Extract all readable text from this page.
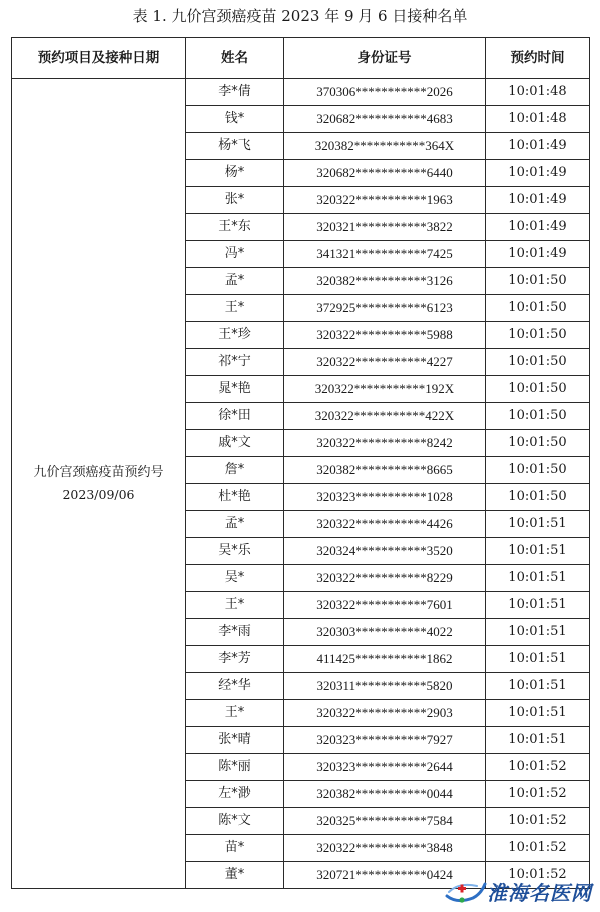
表 1. 九价宫颈癌疫苗 2023 年 9 月 6 日接种名单
预约项目及接种日期	姓名	身份证号	预约时间

九价宫颈癌疫苗预约号
2023/09/06	李*倩	370306***********2026	10:01:48
	钱*	320682***********4683	10:01:48
	杨*飞	320382***********364X	10:01:49
	杨*	320682***********6440	10:01:49
	张*	320322***********1963	10:01:49
	王*东	320321***********3822	10:01:49
	冯*	341321***********7425	10:01:49
	孟*	320382***********3126	10:01:50
	王*	372925***********6123	10:01:50
	王*珍	320322***********5988	10:01:50
	祁*宁	320322***********4227	10:01:50
	晁*艳	320322***********192X	10:01:50
	徐*田	320322***********422X	10:01:50
	戚*文	320322***********8242	10:01:50
	詹*	320382***********8665	10:01:50
	杜*艳	320323***********1028	10:01:50
	孟*	320322***********4426	10:01:51
	吴*乐	320324***********3520	10:01:51
	吴*	320322***********8229	10:01:51
	王*	320322***********7601	10:01:51
	李*雨	320303***********4022	10:01:51
	李*芳	411425***********1862	10:01:51
	经*华	320311***********5820	10:01:51
	王*	320322***********2903	10:01:51
	张*晴	320323***********7927	10:01:51
	陈*丽	320323***********2644	10:01:52
	左*渺	320382***********0044	10:01:52
	陈*文	320325***********7584	10:01:52
	苗*	320322***********3848	10:01:52
	董*	320721***********0424	10:01:52
淮海名医网
